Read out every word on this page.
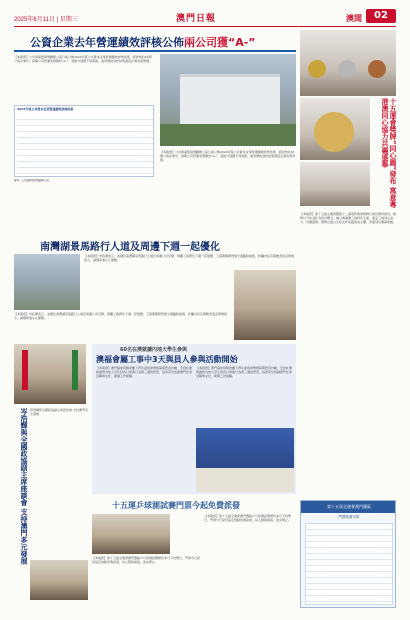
2025年6月11日 | 星期三	澳門日報	澳聞	02
公資企業去年營運績效評核公佈兩公司獲“A-”
【本報訊】公共資產監督規劃辦公室日前公佈2024年度公共資本企業營運績效評核結果。經評核的13間公資企業中，兩間公司營運表現獲評“A-”，其餘分別獲不同等級，當局將按評核結果督促企業改善管理。
2024年度公共資本企業營運績效評核結果
資料：公共資產監督規劃辦公室
【本報訊】公共資產監督規劃辦公室日前公佈2024年度公共資本企業營運績效評核結果。經評核的13間公資企業中，兩間公司營運表現獲評“A-”，其餘分別獲不同等級，當局將按評核結果督促企業改善管理。	十五運會獎牌“同心圓”發布 寓意粵港澳同心協力共襄盛舉
【本報訊】第十五屆全運會暨第十二屆殘特奧會獎牌日前於廣州發布，獎牌以“同心圓”為設計概念，融合粵港澳三地特色元素，寓意三地同心協力、共襄盛舉。獎牌正面以火炬及祥雲圖案為主體，背面刻有賽事會徽。
南灣湖景馬路行人道及周邊下週一起優化
【本報訊】市政署表示，為優化南灣湖景馬路行人道及周邊公共空間，相關工程將於下週一起展開，工程期間將實施交通臨時措施，呼籲市民及駕駛者留意現場指示，減慢車速小心駕駛。
【本報訊】市政署表示，為優化南灣湖景馬路行人道及周邊公共空間，相關工程將於下週一起展開，工程期間將實施交通臨時措施，呼籲市民及駕駛者留意現場指示，減慢車速小心駕駛。
岑浩輝與全國政協副主席座談會 支持澳門多元發展 岑浩輝與全國政協副主席座談會 支持澳門多元發展
60名在澳就讀內地大學生參與
澳福會屬工事中3天與員人參與活動開始
【本報訊】澳門福建同鄉會屬下青年委員會舉辦暑期實習計劃，安排在澳就讀的內地大學生到各行業進行為期三週的實習，協助學生認識澳門社會及職場文化，累積工作經驗。
【本報訊】澳門福建同鄉會屬下青年委員會舉辦暑期實習計劃，安排在澳就讀的內地大學生到各行業進行為期三週的實習，協助學生認識澳門社會及職場文化，累積工作經驗。
十五運乒球測試賽門票今起免費派發
【本報訊】第十五屆全運會澳門賽區乒乓球測試賽將於本月下旬舉行，門票今日起於指定地點免費派發，每人限取兩張，派完即止。
【本報訊】第十五屆全運會澳門賽區乒乓球測試賽將於本月下旬舉行，門票今日起於指定地點免費派發，每人限取兩張，派完即止。
第十五屆全運會澳門賽區
門票派發安排
